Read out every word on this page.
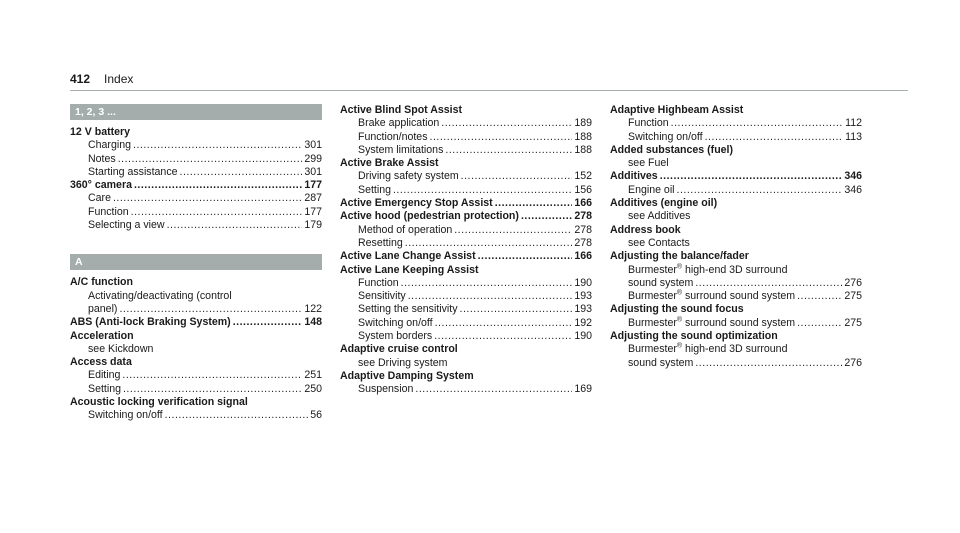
412 Index
1, 2, 3 ...
12 V battery
Charging .....	301
Notes .....	299
Starting assistance .....	301
360° camera .....	177
Care .....	287
Function .....	177
Selecting a view .....	179
A
A/C function
Activating/deactivating (control
panel) .....	122
ABS (Anti-lock Braking System) .....	148
Acceleration
see Kickdown
Access data
Editing .....	251
Setting .....	250
Acoustic locking verification signal
Switching on/off .....	56
Active Blind Spot Assist
Brake application .....	189
Function/notes .....	188
System limitations .....	188
Active Brake Assist
Driving safety system .....	152
Setting .....	156
Active Emergency Stop Assist .....	166
Active hood (pedestrian protection) .....	278
Method of operation .....	278
Resetting .....	278
Active Lane Change Assist .....	166
Active Lane Keeping Assist
Function .....	190
Sensitivity .....	193
Setting the sensitivity .....	193
Switching on/off .....	192
System borders .....	190
Adaptive cruise control
see Driving system
Adaptive Damping System
Suspension .....	169
Adaptive Highbeam Assist
Function .....	112
Switching on/off .....	113
Added substances (fuel)
see Fuel
Additives .....	346
Engine oil .....	346
Additives (engine oil)
see Additives
Address book
see Contacts
Adjusting the balance/fader
Burmester® high-end 3D surround
sound system .....	276
Burmester® surround sound system .....	275
Adjusting the sound focus
Burmester® surround sound system .....	275
Adjusting the sound optimization
Burmester® high-end 3D surround
sound system .....	276
